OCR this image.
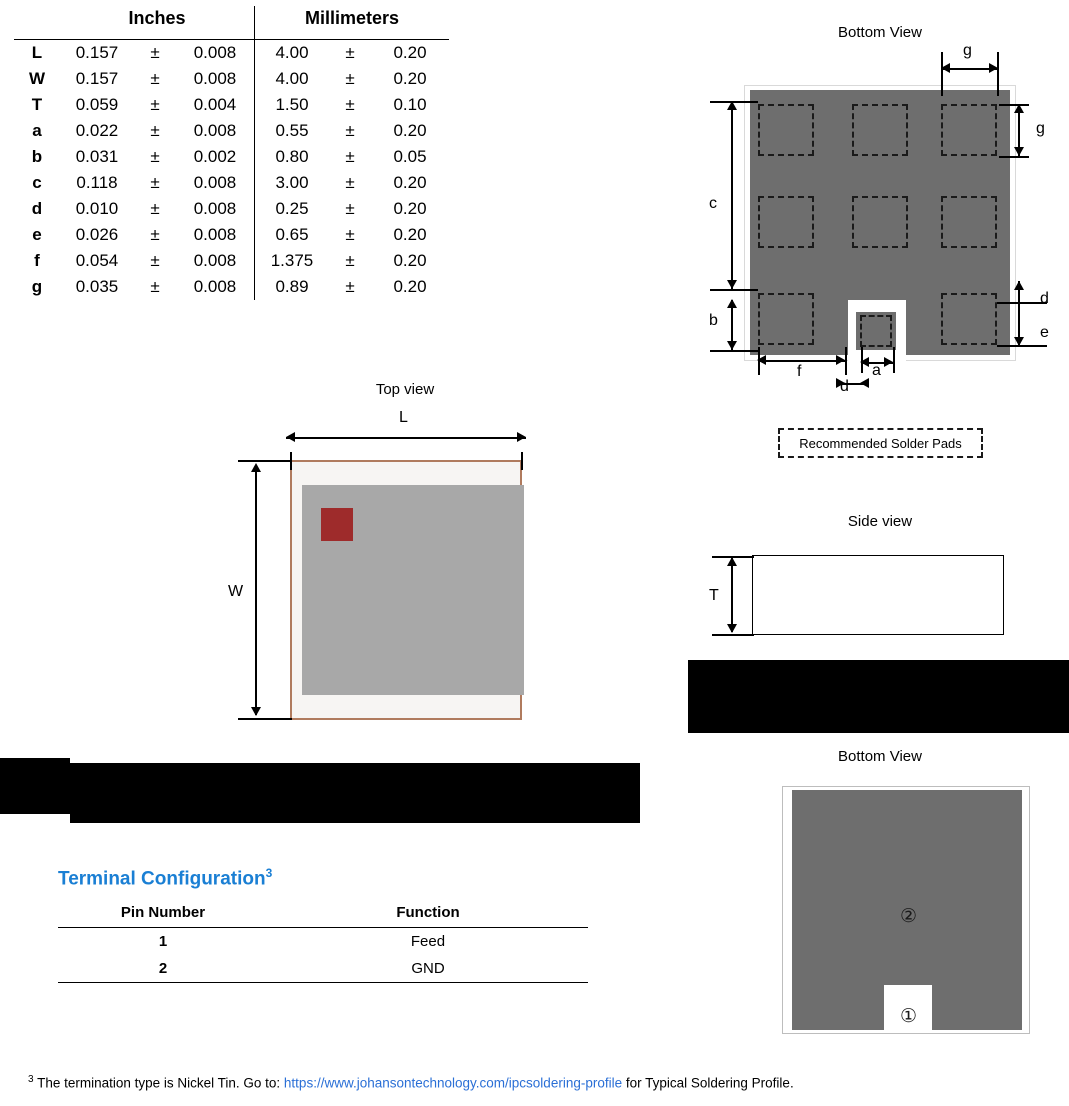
	Inches			Millimeters		

L	0.157	±	0.008	4.00	±	0.20
W	0.157	±	0.008	4.00	±	0.20
T	0.059	±	0.004	1.50	±	0.10
a	0.022	±	0.008	0.55	±	0.20
b	0.031	±	0.002	0.80	±	0.05
c	0.118	±	0.008	3.00	±	0.20
d	0.010	±	0.008	0.25	±	0.20
e	0.026	±	0.008	0.65	±	0.20
f	0.054	±	0.008	1.375	±	0.20
g	0.035	±	0.008	0.89	±	0.20
Bottom View
g
g
c
b
d
e
f	a
d
Recommended Solder Pads
Top view
L
W
Side view
T
Bottom View
②
①
Terminal Configuration$^3$
Pin Number	Function
1	Feed
2	GND
$^3$ The termination type is Nickel Tin. Go to: https://www.johansontechnology.com/ipcsoldering-profile for Typical Soldering Profile.
